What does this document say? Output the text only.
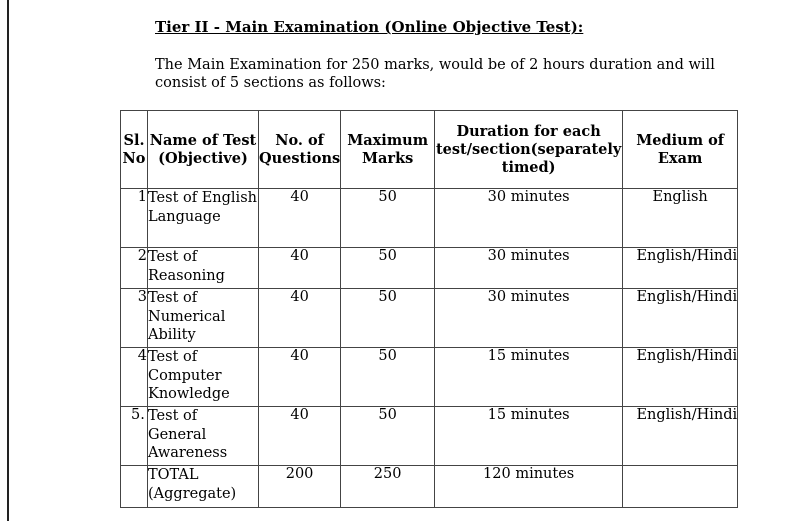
Tier II - Main Examination (Online Objective Test):
The Main Examination for 250 marks, would be of 2 hours duration and will consist of 5 sections as follows:
Sl. No	Name of Test (Objective)	No. of Questions	Maximum Marks	Duration for each test/section(separately timed)	Medium of Exam
1	Test of English Language	40	50	30 minutes	English
2	Test of Reasoning	40	50	30 minutes	English/Hindi
3	Test of Numerical Ability	40	50	30 minutes	English/Hindi
4	Test of Computer Knowledge	40	50	15 minutes	English/Hindi
5.	Test of General Awareness	40	50	15 minutes	English/Hindi
	TOTAL (Aggregate)	200	250	120 minutes	
